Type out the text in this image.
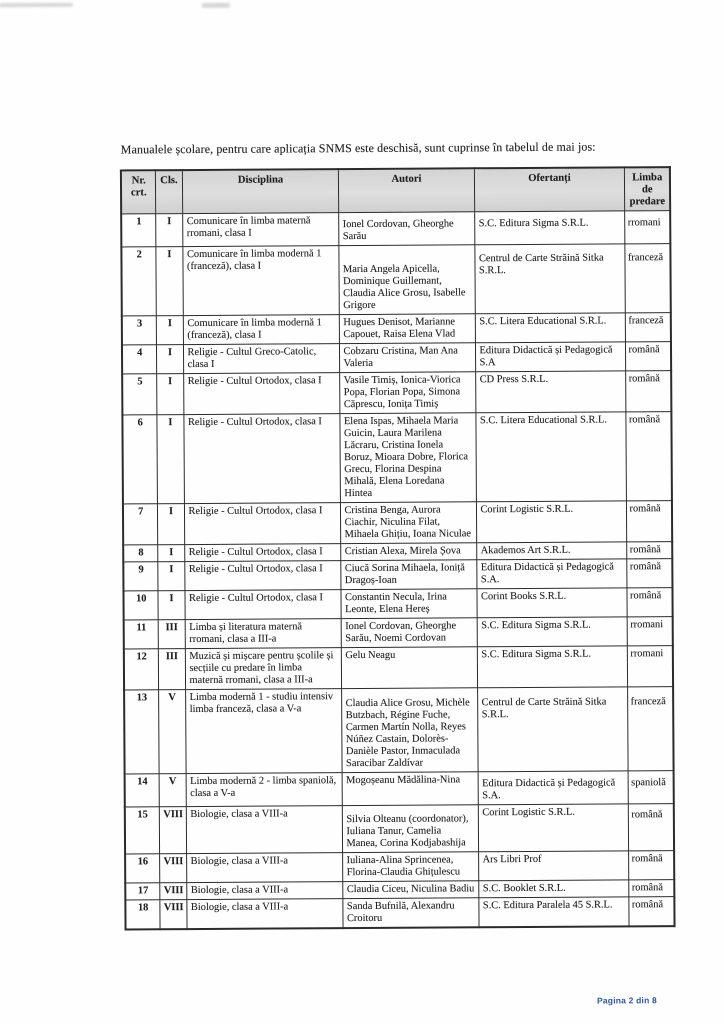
Manualele școlare, pentru care aplicația SNMS este deschisă, sunt cuprinse în tabelul de mai jos:

Nr. crt.	Cls.	Disciplina	Autori	Ofertanți	Limba de predare
1	I	Comunicare în limba maternă rromani, clasa I	Ionel Cordovan, Gheorghe Sarău	S.C. Editura Sigma S.R.L.	rromani
2	I	Comunicare în limba modernă 1 (franceză), clasa I	Maria Angela Apicella, Dominique Guillemant, Claudia Alice Grosu, Isabelle Grigore	Centrul de Carte Străină Sitka S.R.L.	franceză
3	I	Comunicare în limba modernă 1 (franceză), clasa I	Hugues Denisot, Marianne Capouet, Raisa Elena Vlad	S.C. Litera Educational S.R.L.	franceză
4	I	Religie - Cultul Greco-Catolic, clasa I	Cobzaru Cristina, Man Ana Valeria	Editura Didactică și Pedagogică S.A	română
5	I	Religie - Cultul Ortodox, clasa I	Vasile Timiș, Ionica-Viorica Popa, Florian Popa, Simona Căprescu, Ionița Timiș	CD Press S.R.L.	română
6	I	Religie - Cultul Ortodox, clasa I	Elena Ispas, Mihaela Maria Guicin, Laura Marilena Lăcraru, Cristina Ionela Boruz, Mioara Dobre, Florica Grecu, Florina Despina Mihală, Elena Loredana Hintea	S.C. Litera Educational S.R.L.	română
7	I	Religie - Cultul Ortodox, clasa I	Cristina Benga, Aurora Ciachir, Niculina Filat, Mihaela Ghițiu, Ioana Niculae	Corint Logistic S.R.L.	română
8	I	Religie - Cultul Ortodox, clasa I	Cristian Alexa, Mirela Șova	Akademos Art S.R.L.	română
9	I	Religie - Cultul Ortodox, clasa I	Ciucă Sorina Mihaela, Ioniță Dragoș-Ioan	Editura Didactică și Pedagogică S.A.	română
10	I	Religie - Cultul Ortodox, clasa I	Constantin Necula, Irina Leonte, Elena Hereș	Corint Books S.R.L.	română
11	III	Limba și literatura maternă rromani, clasa a III-a	Ionel Cordovan, Gheorghe Sarău, Noemi Cordovan	S.C. Editura Sigma S.R.L.	rromani
12	III	Muzică și mișcare pentru școlile și secțiile cu predare în limba maternă rromani, clasa a III-a	Gelu Neagu	S.C. Editura Sigma S.R.L.	rromani
13	V	Limba modernă 1 - studiu intensiv limba franceză, clasa a V-a	Claudia Alice Grosu, Michèle Butzbach, Régine Fuche, Carmen Martín Nolla, Reyes Núñez Castain, Dolorès-Danièle Pastor, Inmaculada Saracibar Zaldívar	Centrul de Carte Străină Sitka S.R.L.	franceză
14	V	Limba modernă 2 - limba spaniolă, clasa a V-a	Mogoșeanu Mădălina-Nina	Editura Didactică și Pedagogică S.A.	spaniolă
15	VIII	Biologie, clasa a VIII-a	Silvia Olteanu (coordonator), Iuliana Tanur, Camelia Manea, Corina Kodjabashija	Corint Logistic S.R.L.	română
16	VIII	Biologie, clasa a VIII-a	Iuliana-Alina Sprincenea, Florina-Claudia Ghițulescu	Ars Libri Prof	română
17	VIII	Biologie, clasa a VIII-a	Claudia Ciceu, Niculina Badiu	S.C. Booklet S.R.L.	română
18	VIII	Biologie, clasa a VIII-a	Sanda Bufnilă, Alexandru Croitoru	S.C. Editura Paralela 45 S.R.L.	română
Pagina 2 din 8
